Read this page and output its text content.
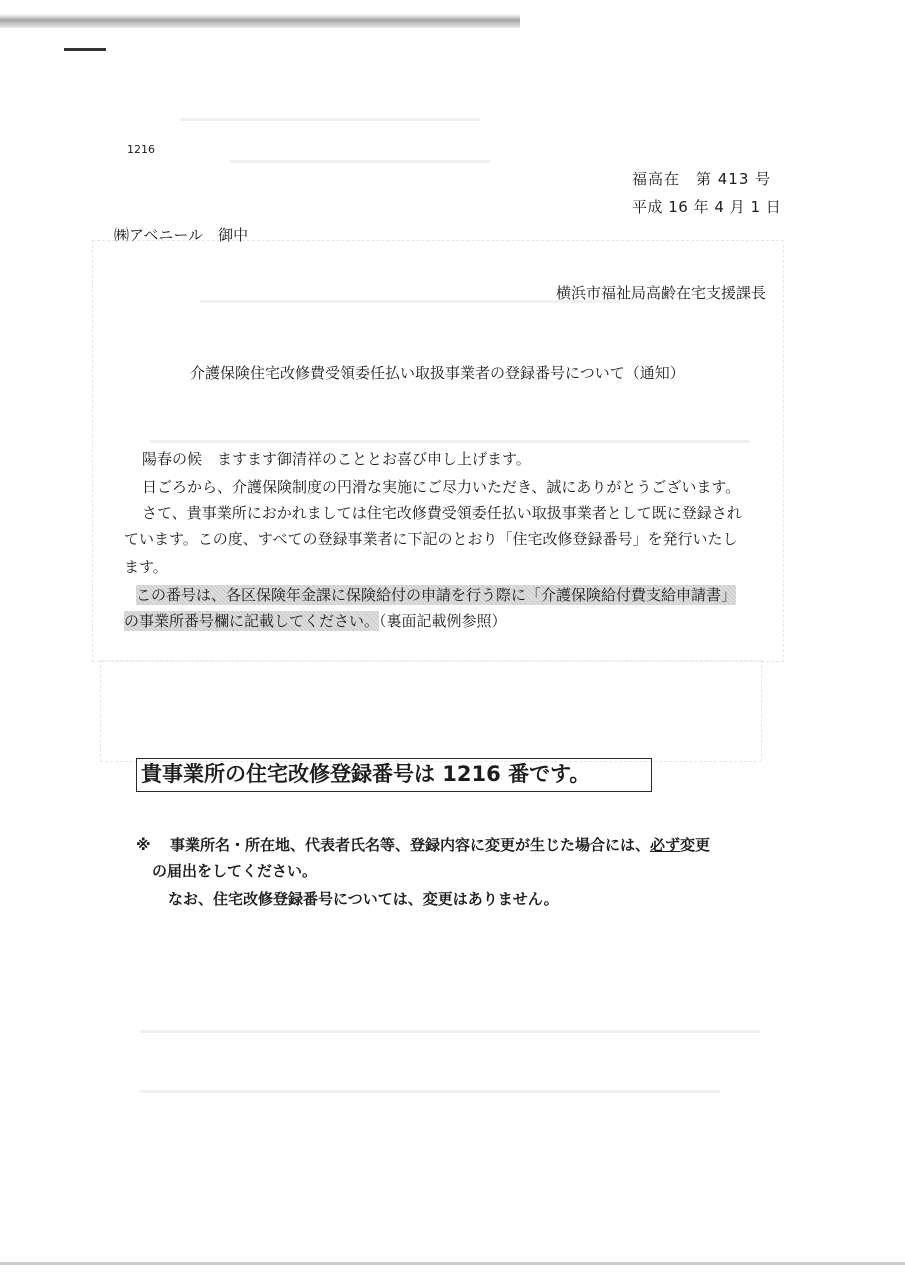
1216
福高在　第 413 号
平成 16 年 4 月 1 日
㈱アベニール　御中
横浜市福祉局高齢在宅支援課長
介護保険住宅改修費受領委任払い取扱事業者の登録番号について（通知）
陽春の候　ますます御清祥のこととお喜び申し上げます。
日ごろから、介護保険制度の円滑な実施にご尽力いただき、誠にありがとうございます。
さて、貴事業所におかれましては住宅改修費受領委任払い取扱事業者として既に登録され
ています。この度、すべての登録事業者に下記のとおり「住宅改修登録番号」を発行いたし
ます。
この番号は、各区保険年金課に保険給付の申請を行う際に「介護保険給付費支給申請書」
の事業所番号欄に記載してください。（裏面記載例参照）
貴事業所の住宅改修登録番号は 1216 番です。
※ 事業所名・所在地、代表者氏名等、登録内容に変更が生じた場合には、必ず変更
の届出をしてください。
なお、住宅改修登録番号については、変更はありません。
